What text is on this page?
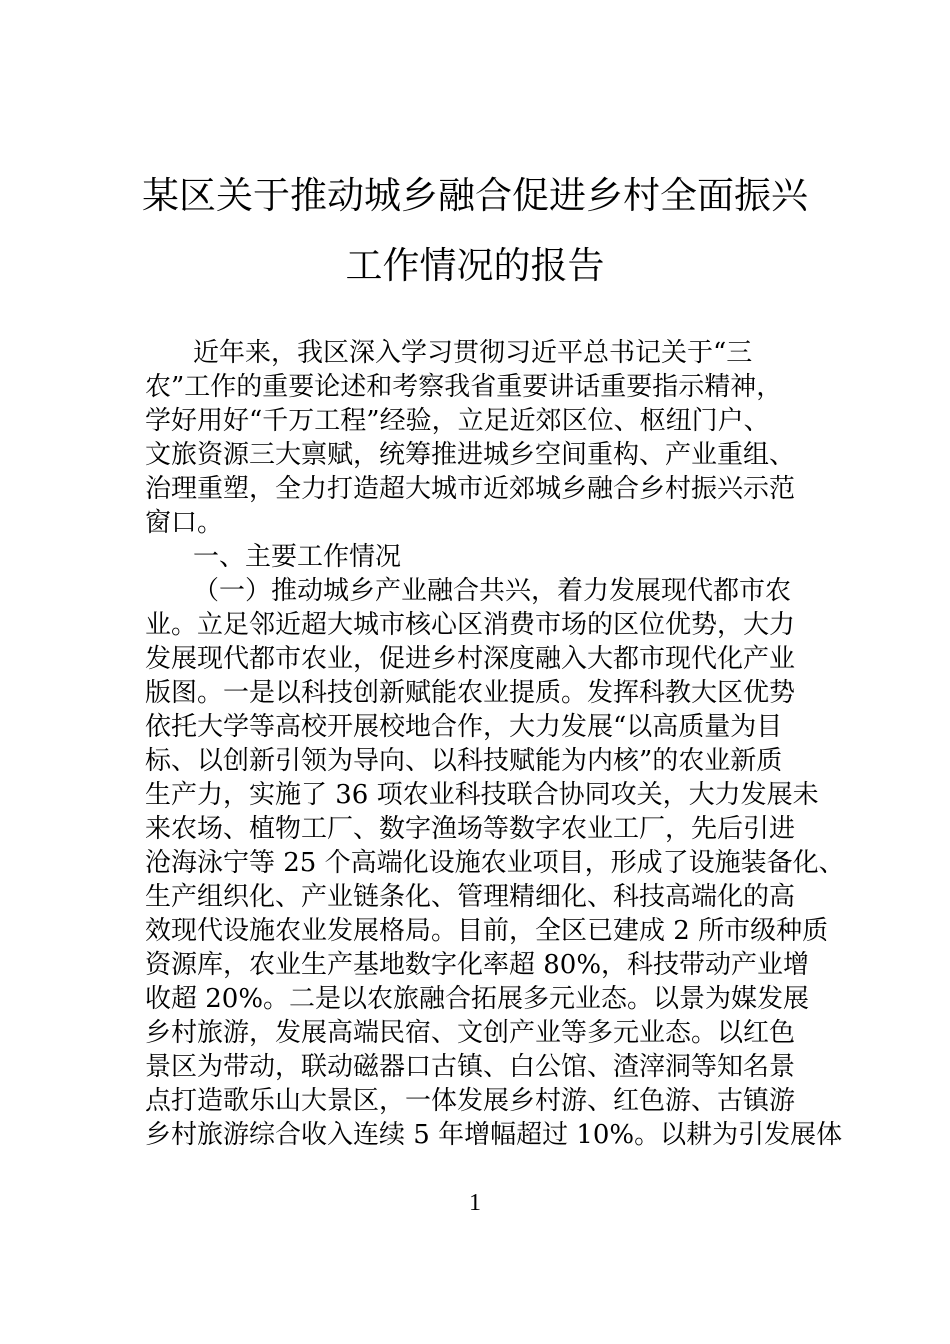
某区关于推动城乡融合促进乡村全面振兴
工作情况的报告
近年来，我区深入学习贯彻习近平总书记关于“三
农”工作的重要论述和考察我省重要讲话重要指示精神，
学好用好“千万工程”经验，立足近郊区位、枢纽门户、
文旅资源三大禀赋，统筹推进城乡空间重构、产业重组、
治理重塑，全力打造超大城市近郊城乡融合乡村振兴示范
窗口。
一、主要工作情况
（一）推动城乡产业融合共兴，着力发展现代都市农
业。立足邻近超大城市核心区消费市场的区位优势，大力
发展现代都市农业，促进乡村深度融入大都市现代化产业
版图。一是以科技创新赋能农业提质。发挥科教大区优势
依托大学等高校开展校地合作，大力发展“以高质量为目
标、以创新引领为导向、以科技赋能为内核”的农业新质
生产力，实施了 36 项农业科技联合协同攻关，大力发展未
来农场、植物工厂、数字渔场等数字农业工厂，先后引进
沧海泳宁等 25 个高端化设施农业项目，形成了设施装备化、
生产组织化、产业链条化、管理精细化、科技高端化的高
效现代设施农业发展格局。目前，全区已建成 2 所市级种质
资源库，农业生产基地数字化率超 80%，科技带动产业增
收超 20%。二是以农旅融合拓展多元业态。以景为媒发展
乡村旅游，发展高端民宿、文创产业等多元业态。以红色
景区为带动，联动磁器口古镇、白公馆、渣滓洞等知名景
点打造歌乐山大景区，一体发展乡村游、红色游、古镇游
乡村旅游综合收入连续 5 年增幅超过 10%。以耕为引发展体
1
